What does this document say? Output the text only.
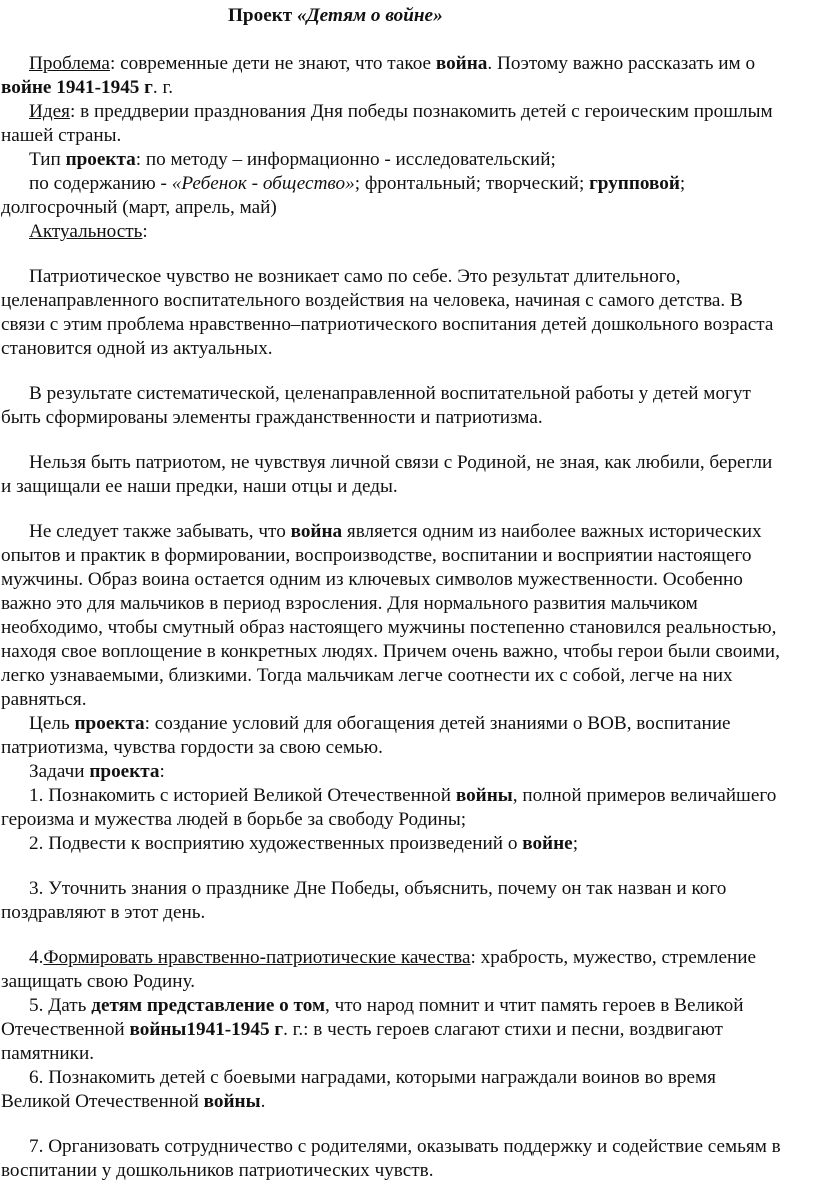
Проект «Детям о войне»

Проблема: современные дети не знают, что такое война. Поэтому важно рассказать им о войне 1941-1945 г. г.

Идея: в преддверии празднования Дня победы познакомить детей с героическим прошлым нашей страны.

Тип проекта: по методу – информационно - исследовательский;

по содержанию - «Ребенок - общество»; фронтальный; творческий; групповой; долгосрочный (март, апрель, май)

Актуальность:

Патриотическое чувство не возникает само по себе. Это результат длительного, целенаправленного воспитательного воздействия на человека, начиная с самого детства. В связи с этим проблема нравственно–патриотического воспитания детей дошкольного возраста становится одной из актуальных.

В результате систематической, целенаправленной воспитательной работы у детей могут быть сформированы элементы гражданственности и патриотизма.

Нельзя быть патриотом, не чувствуя личной связи с Родиной, не зная, как любили, берегли и защищали ее наши предки, наши отцы и деды.

Не следует также забывать, что война является одним из наиболее важных исторических опытов и практик в формировании, воспроизводстве, воспитании и восприятии настоящего мужчины. Образ воина остается одним из ключевых символов мужественности. Особенно важно это для мальчиков в период взросления. Для нормального развития мальчиком необходимо, чтобы смутный образ настоящего мужчины постепенно становился реальностью, находя свое воплощение в конкретных людях. Причем очень важно, чтобы герои были своими, легко узнаваемыми, близкими. Тогда мальчикам легче соотнести их с собой, легче на них равняться.

Цель проекта: создание условий для обогащения детей знаниями о ВОВ, воспитание патриотизма, чувства гордости за свою семью.

Задачи проекта:

1. Познакомить с историей Великой Отечественной войны, полной примеров величайшего героизма и мужества людей в борьбе за свободу Родины;

2. Подвести к восприятию художественных произведений о войне;

3. Уточнить знания о празднике Дне Победы, объяснить, почему он так назван и кого поздравляют в этот день.

4.Формировать нравственно-патриотические качества: храбрость, мужество, стремление защищать свою Родину.

5. Дать детям представление о том, что народ помнит и чтит память героев в Великой Отечественной войны1941-1945 г. г.: в честь героев слагают стихи и песни, воздвигают памятники.

6. Познакомить детей с боевыми наградами, которыми награждали воинов во время Великой Отечественной войны.

7. Организовать сотрудничество с родителями, оказывать поддержку и содействие семьям в воспитании у дошкольников патриотических чувств.
